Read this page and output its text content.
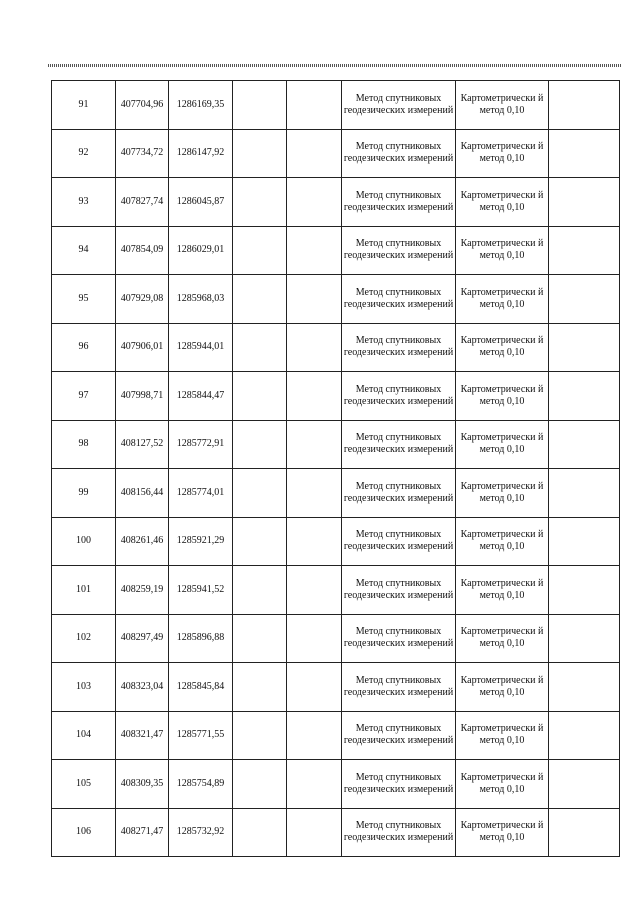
91	407704,96	1286169,35			Метод спутниковых геодезических измерений	Картометрически й метод 0,10	

92	407734,72	1286147,92			Метод спутниковых геодезических измерений	Картометрически й метод 0,10	

93	407827,74	1286045,87			Метод спутниковых геодезических измерений	Картометрически й метод 0,10	

94	407854,09	1286029,01			Метод спутниковых геодезических измерений	Картометрически й метод 0,10	

95	407929,08	1285968,03			Метод спутниковых геодезических измерений	Картометрически й метод 0,10	

96	407906,01	1285944,01			Метод спутниковых геодезических измерений	Картометрически й метод 0,10	

97	407998,71	1285844,47			Метод спутниковых геодезических измерений	Картометрически й метод 0,10	

98	408127,52	1285772,91			Метод спутниковых геодезических измерений	Картометрически й метод 0,10	

99	408156,44	1285774,01			Метод спутниковых геодезических измерений	Картометрически й метод 0,10	

100	408261,46	1285921,29			Метод спутниковых геодезических измерений	Картометрически й метод 0,10	

101	408259,19	1285941,52			Метод спутниковых геодезических измерений	Картометрически й метод 0,10	

102	408297,49	1285896,88			Метод спутниковых геодезических измерений	Картометрически й метод 0,10	

103	408323,04	1285845,84			Метод спутниковых геодезических измерений	Картометрически й метод 0,10	

104	408321,47	1285771,55			Метод спутниковых геодезических измерений	Картометрически й метод 0,10	

105	408309,35	1285754,89			Метод спутниковых геодезических измерений	Картометрически й метод 0,10	

106	408271,47	1285732,92			Метод спутниковых геодезических измерений	Картометрически й метод 0,10	
